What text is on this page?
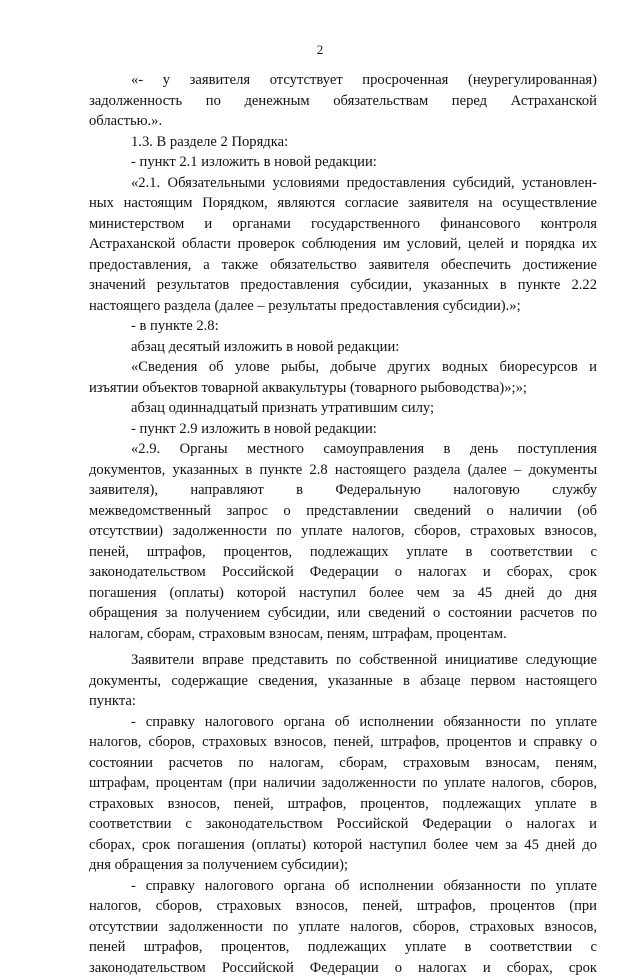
2
«- у заявителя отсутствует просроченная (неурегулированная)
задолженность по денежным обязательствам перед Астраханской
областью.».
1.3. В разделе 2 Порядка:
- пункт 2.1 изложить в новой редакции:
«2.1. Обязательными условиями предоставления субсидий, установлен-
ных настоящим Порядком, являются согласие заявителя на осуществление
министерством и органами государственного финансового контроля
Астраханской области проверок соблюдения им условий, целей и порядка их
предоставления, а также обязательство заявителя обеспечить достижение
значений результатов предоставления субсидии, указанных в пункте 2.22
настоящего раздела (далее – результаты предоставления субсидии).»;
- в пункте 2.8:
абзац десятый изложить в новой редакции:
«Сведения об улове рыбы, добыче других водных биоресурсов и
изъятии объектов товарной аквакультуры (товарного рыбоводства)»;»;
абзац одиннадцатый признать утратившим силу;
- пункт 2.9 изложить в новой редакции:
«2.9. Органы местного самоуправления в день поступления
документов, указанных в пункте 2.8 настоящего раздела (далее – документы
заявителя), направляют в Федеральную налоговую службу
межведомственный запрос о представлении сведений о наличии (об
отсутствии) задолженности по уплате налогов, сборов, страховых взносов,
пеней, штрафов, процентов, подлежащих уплате в соответствии с
законодательством Российской Федерации о налогах и сборах, срок
погашения (оплаты) которой наступил более чем за 45 дней до дня
обращения за получением субсидии, или сведений о состоянии расчетов по
налогам, сборам, страховым взносам, пеням, штрафам, процентам.
Заявители вправе представить по собственной инициативе следующие
документы, содержащие сведения, указанные в абзаце первом настоящего
пункта:
- справку налогового органа об исполнении обязанности по уплате
налогов, сборов, страховых взносов, пеней, штрафов, процентов и справку о
состоянии расчетов по налогам, сборам, страховым взносам, пеням,
штрафам, процентам (при наличии задолженности по уплате налогов, сборов,
страховых взносов, пеней, штрафов, процентов, подлежащих уплате в
соответствии с законодательством Российской Федерации о налогах и
сборах, срок погашения (оплаты) которой наступил более чем за 45 дней до
дня обращения за получением субсидии);
- справку налогового органа об исполнении обязанности по уплате
налогов, сборов, страховых взносов, пеней, штрафов, процентов (при
отсутствии задолженности по уплате налогов, сборов, страховых взносов,
пеней штрафов, процентов, подлежащих уплате в соответствии с
законодательством Российской Федерации о налогах и сборах, срок
